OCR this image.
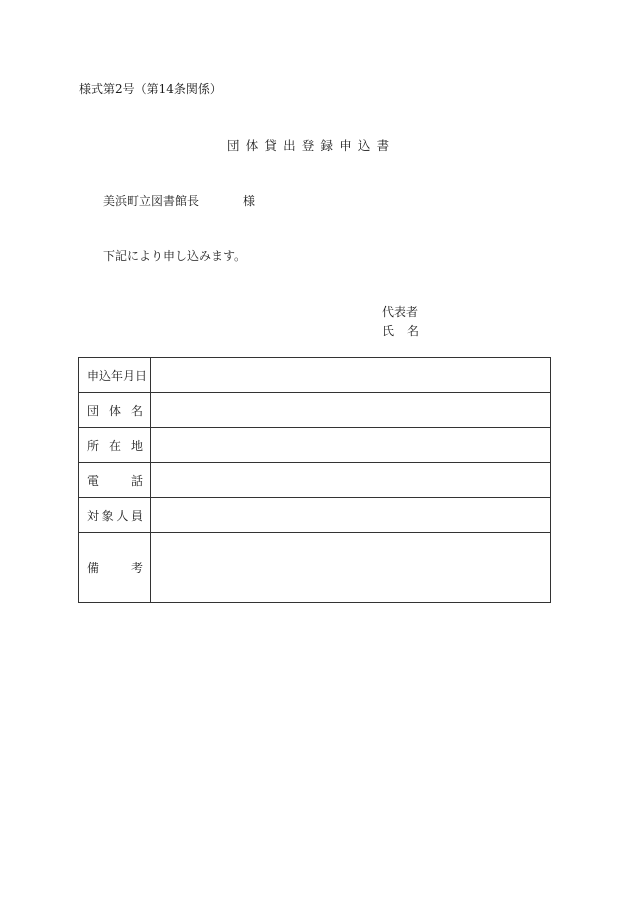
様式第2号（第14条関係）
団体貸出登録申込書
美浜町立図書館長	様
下記により申し込みます。
代表者
氏名
申込年月日	

団 体 名	

所 在 地	

電 話	

対 象 人 員	

備 考	
